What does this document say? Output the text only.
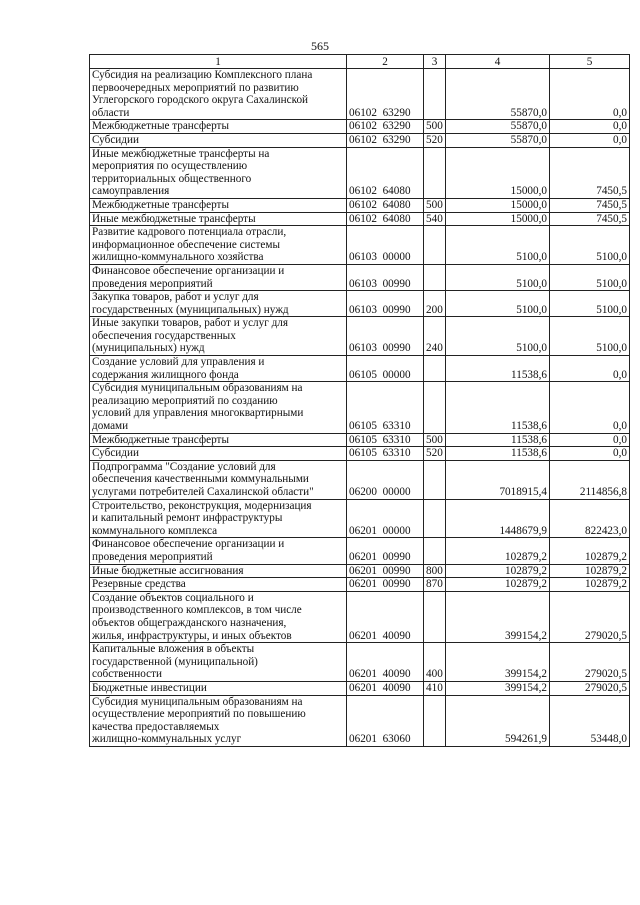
565
1	2	3	4	5
Субсидия на реализацию Комплексного плана
первоочередных мероприятий по развитию
Углегорского городского округа Сахалинской
области	06102  63290		55870,0	0,0
Межбюджетные трансферты	06102  63290	500	55870,0	0,0
Субсидии	06102  63290	520	55870,0	0,0
Иные межбюджетные трансферты на
мероприятия по осуществлению
территориальных общественного
самоуправления	06102  64080		15000,0	7450,5
Межбюджетные трансферты	06102  64080	500	15000,0	7450,5
Иные межбюджетные трансферты	06102  64080	540	15000,0	7450,5
Развитие кадрового потенциала отрасли,
информационное обеспечение системы
жилищно-коммунального хозяйства	06103  00000		5100,0	5100,0
Финансовое обеспечение организации и
проведения мероприятий	06103  00990		5100,0	5100,0
Закупка товаров, работ и услуг для
государственных (муниципальных) нужд	06103  00990	200	5100,0	5100,0
Иные закупки товаров, работ и услуг для
обеспечения государственных
(муниципальных) нужд	06103  00990	240	5100,0	5100,0
Создание условий для управления и
содержания жилищного фонда	06105  00000		11538,6	0,0
Субсидия муниципальным образованиям на
реализацию мероприятий по созданию
условий для управления многоквартирными
домами	06105  63310		11538,6	0,0
Межбюджетные трансферты	06105  63310	500	11538,6	0,0
Субсидии	06105  63310	520	11538,6	0,0
Подпрограмма "Создание условий для
обеспечения качественными коммунальными
услугами потребителей Сахалинской области"	06200  00000		7018915,4	2114856,8
Строительство, реконструкция, модернизация
и капитальный ремонт инфраструктуры
коммунального комплекса	06201  00000		1448679,9	822423,0
Финансовое обеспечение организации и
проведения мероприятий	06201  00990		102879,2	102879,2
Иные бюджетные ассигнования	06201  00990	800	102879,2	102879,2
Резервные средства	06201  00990	870	102879,2	102879,2
Создание объектов социального и
производственного комплексов, в том числе
объектов общегражданского назначения,
жилья, инфраструктуры, и иных объектов	06201  40090		399154,2	279020,5
Капитальные вложения в объекты
государственной (муниципальной)
собственности	06201  40090	400	399154,2	279020,5
Бюджетные инвестиции	06201  40090	410	399154,2	279020,5
Субсидия муниципальным образованиям на
осуществление мероприятий по повышению
качества предоставляемых
жилищно-коммунальных услуг	06201  63060		594261,9	53448,0
